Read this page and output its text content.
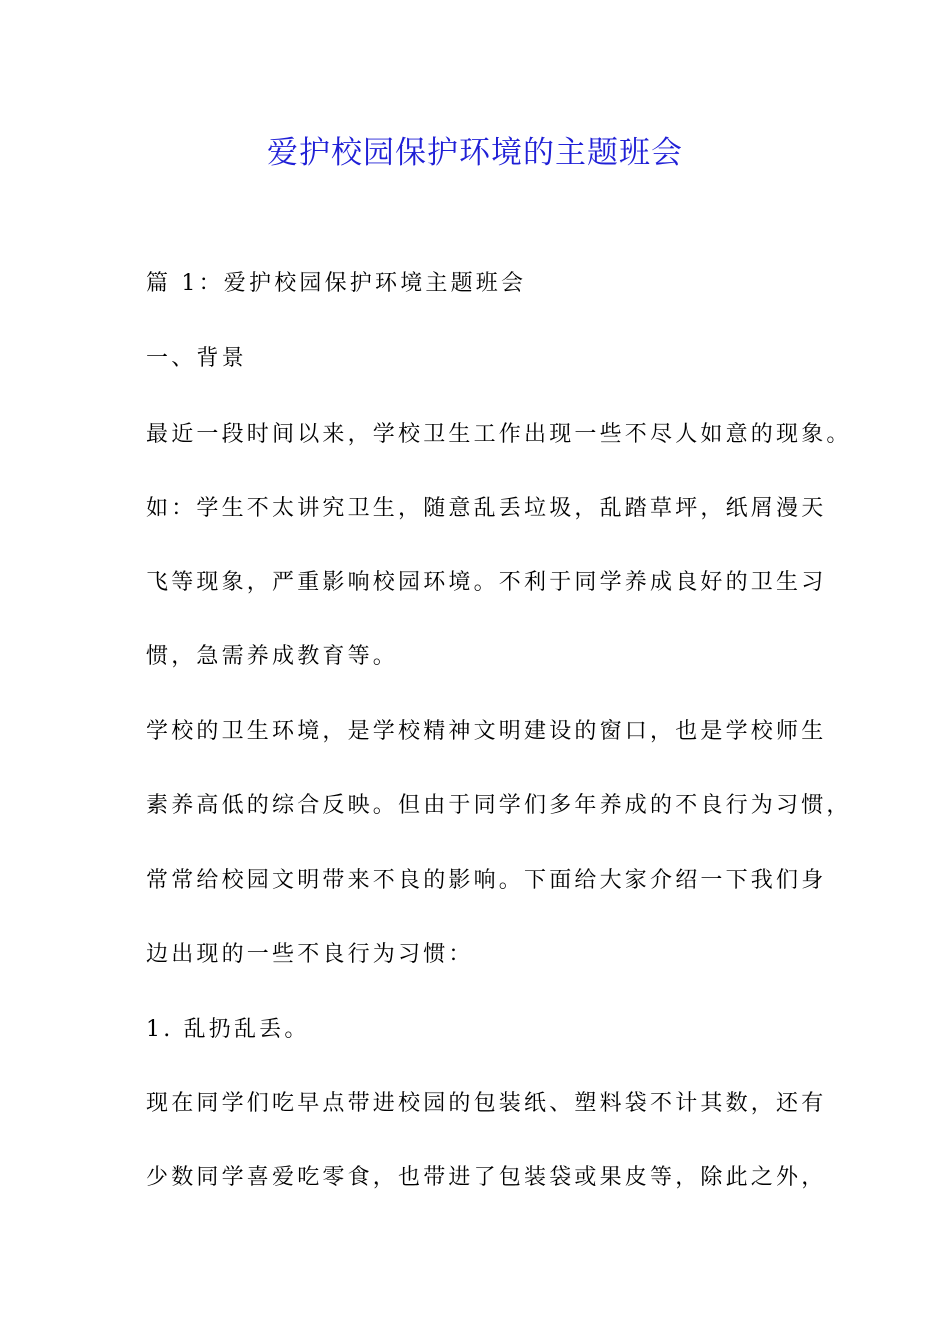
爱护校园保护环境的主题班会

篇 1：爱护校园保护环境主题班会

一、背景

最近一段时间以来，学校卫生工作出现一些不尽人如意的现象。

如：学生不太讲究卫生，随意乱丢垃圾，乱踏草坪，纸屑漫天

飞等现象，严重影响校园环境。不利于同学养成良好的卫生习

惯，急需养成教育等。

学校的卫生环境，是学校精神文明建设的窗口，也是学校师生

素养高低的综合反映。但由于同学们多年养成的不良行为习惯，

常常给校园文明带来不良的影响。下面给大家介绍一下我们身

边出现的一些不良行为习惯：

1. 乱扔乱丢。

现在同学们吃早点带进校园的包装纸、塑料袋不计其数，还有

少数同学喜爱吃零食，也带进了包装袋或果皮等，除此之外，
